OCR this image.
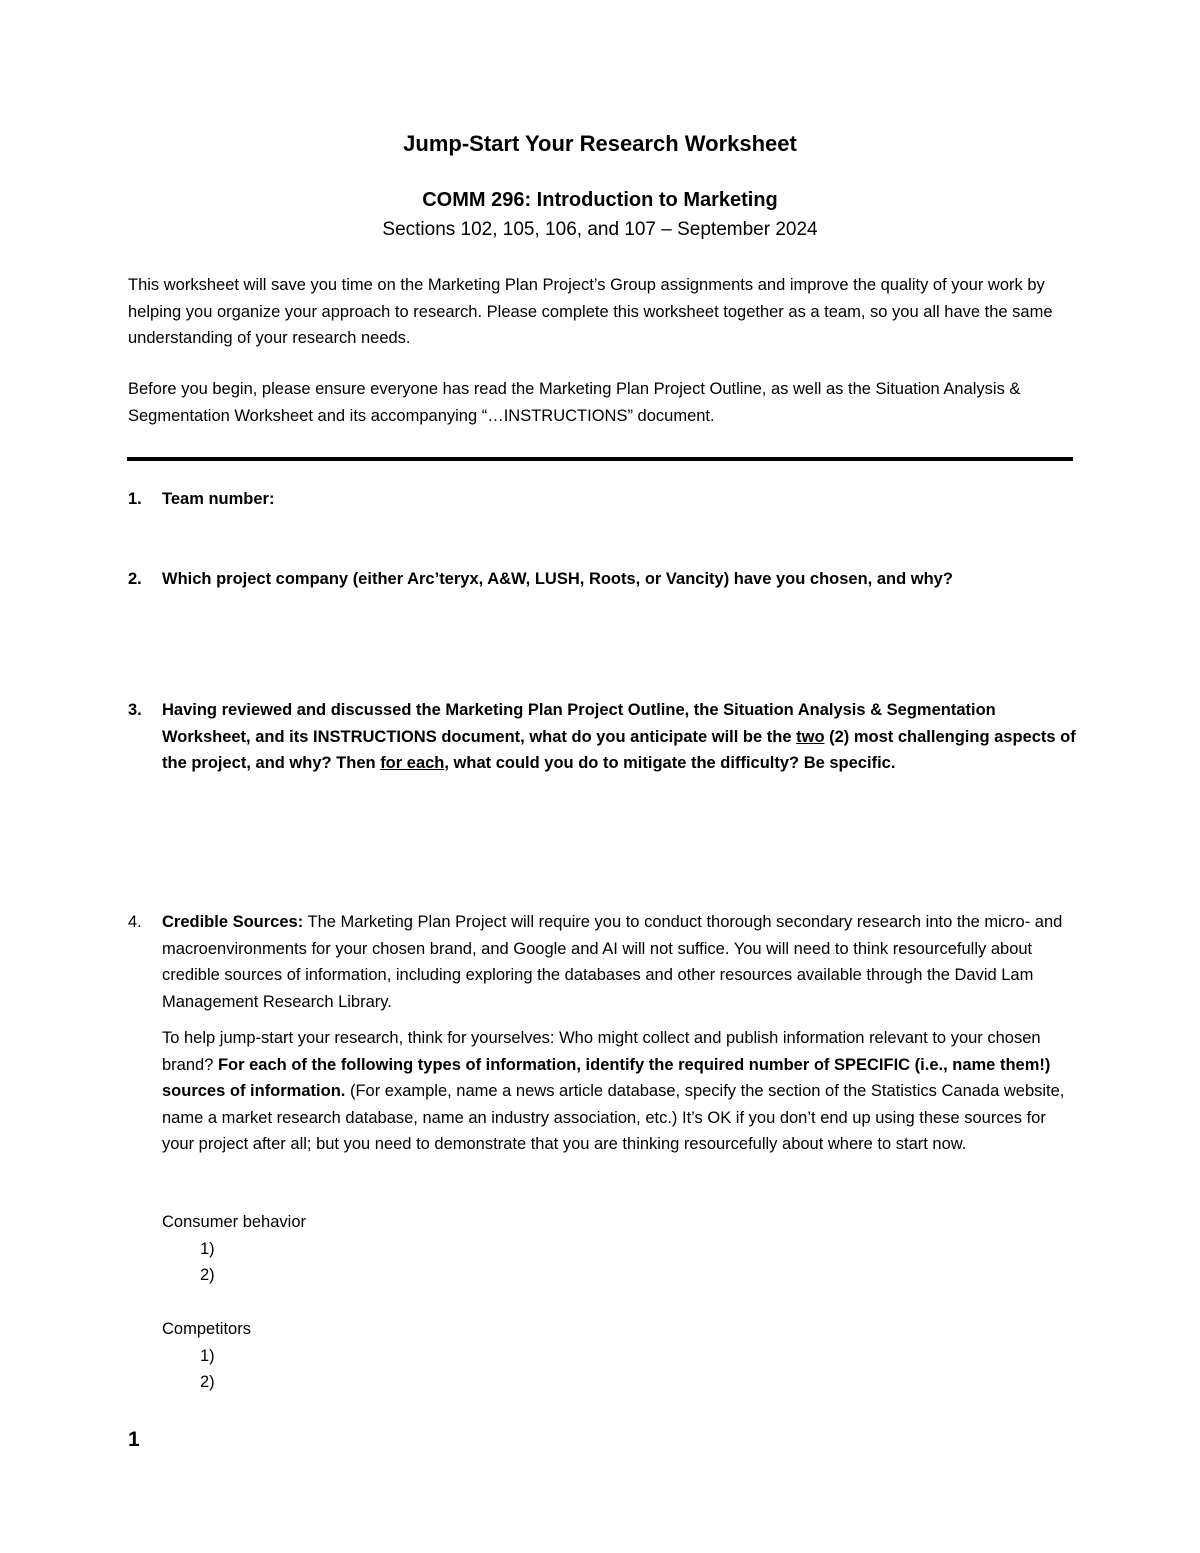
Jump-Start Your Research Worksheet

COMM 296: Introduction to Marketing

Sections 102, 105, 106, and 107 – September 2024

This worksheet will save you time on the Marketing Plan Project’s Group assignments and improve the quality of your work by helping you organize your approach to research. Please complete this worksheet together as a team, so you all have the same understanding of your research needs.

Before you begin, please ensure everyone has read the Marketing Plan Project Outline, as well as the Situation Analysis & Segmentation Worksheet and its accompanying “…INSTRUCTIONS” document.

1.	Team number:
2.	Which project company (either Arc’teryx, A&W, LUSH, Roots, or Vancity) have you chosen, and why?
3.	Having reviewed and discussed the Marketing Plan Project Outline, the Situation Analysis & Segmentation Worksheet, and its INSTRUCTIONS document, what do you anticipate will be the two (2) most challenging aspects of the project, and why? Then for each, what could you do to mitigate the difficulty? Be specific.
4.	Credible Sources: The Marketing Plan Project will require you to conduct thorough secondary research into the micro- and macroenvironments for your chosen brand, and Google and AI will not suffice. You will need to think resourcefully about credible sources of information, including exploring the databases and other resources available through the David Lam Management Research Library.

To help jump-start your research, think for yourselves: Who might collect and publish information relevant to your chosen brand? For each of the following types of information, identify the required number of SPECIFIC (i.e., name them!) sources of information. (For example, name a news article database, specify the section of the Statistics Canada website, name a market research database, name an industry association, etc.) It’s OK if you don’t end up using these sources for your project after all; but you need to demonstrate that you are thinking resourcefully about where to start now.

Consumer behavior

1)

2)

Competitors

1)

2)

1
